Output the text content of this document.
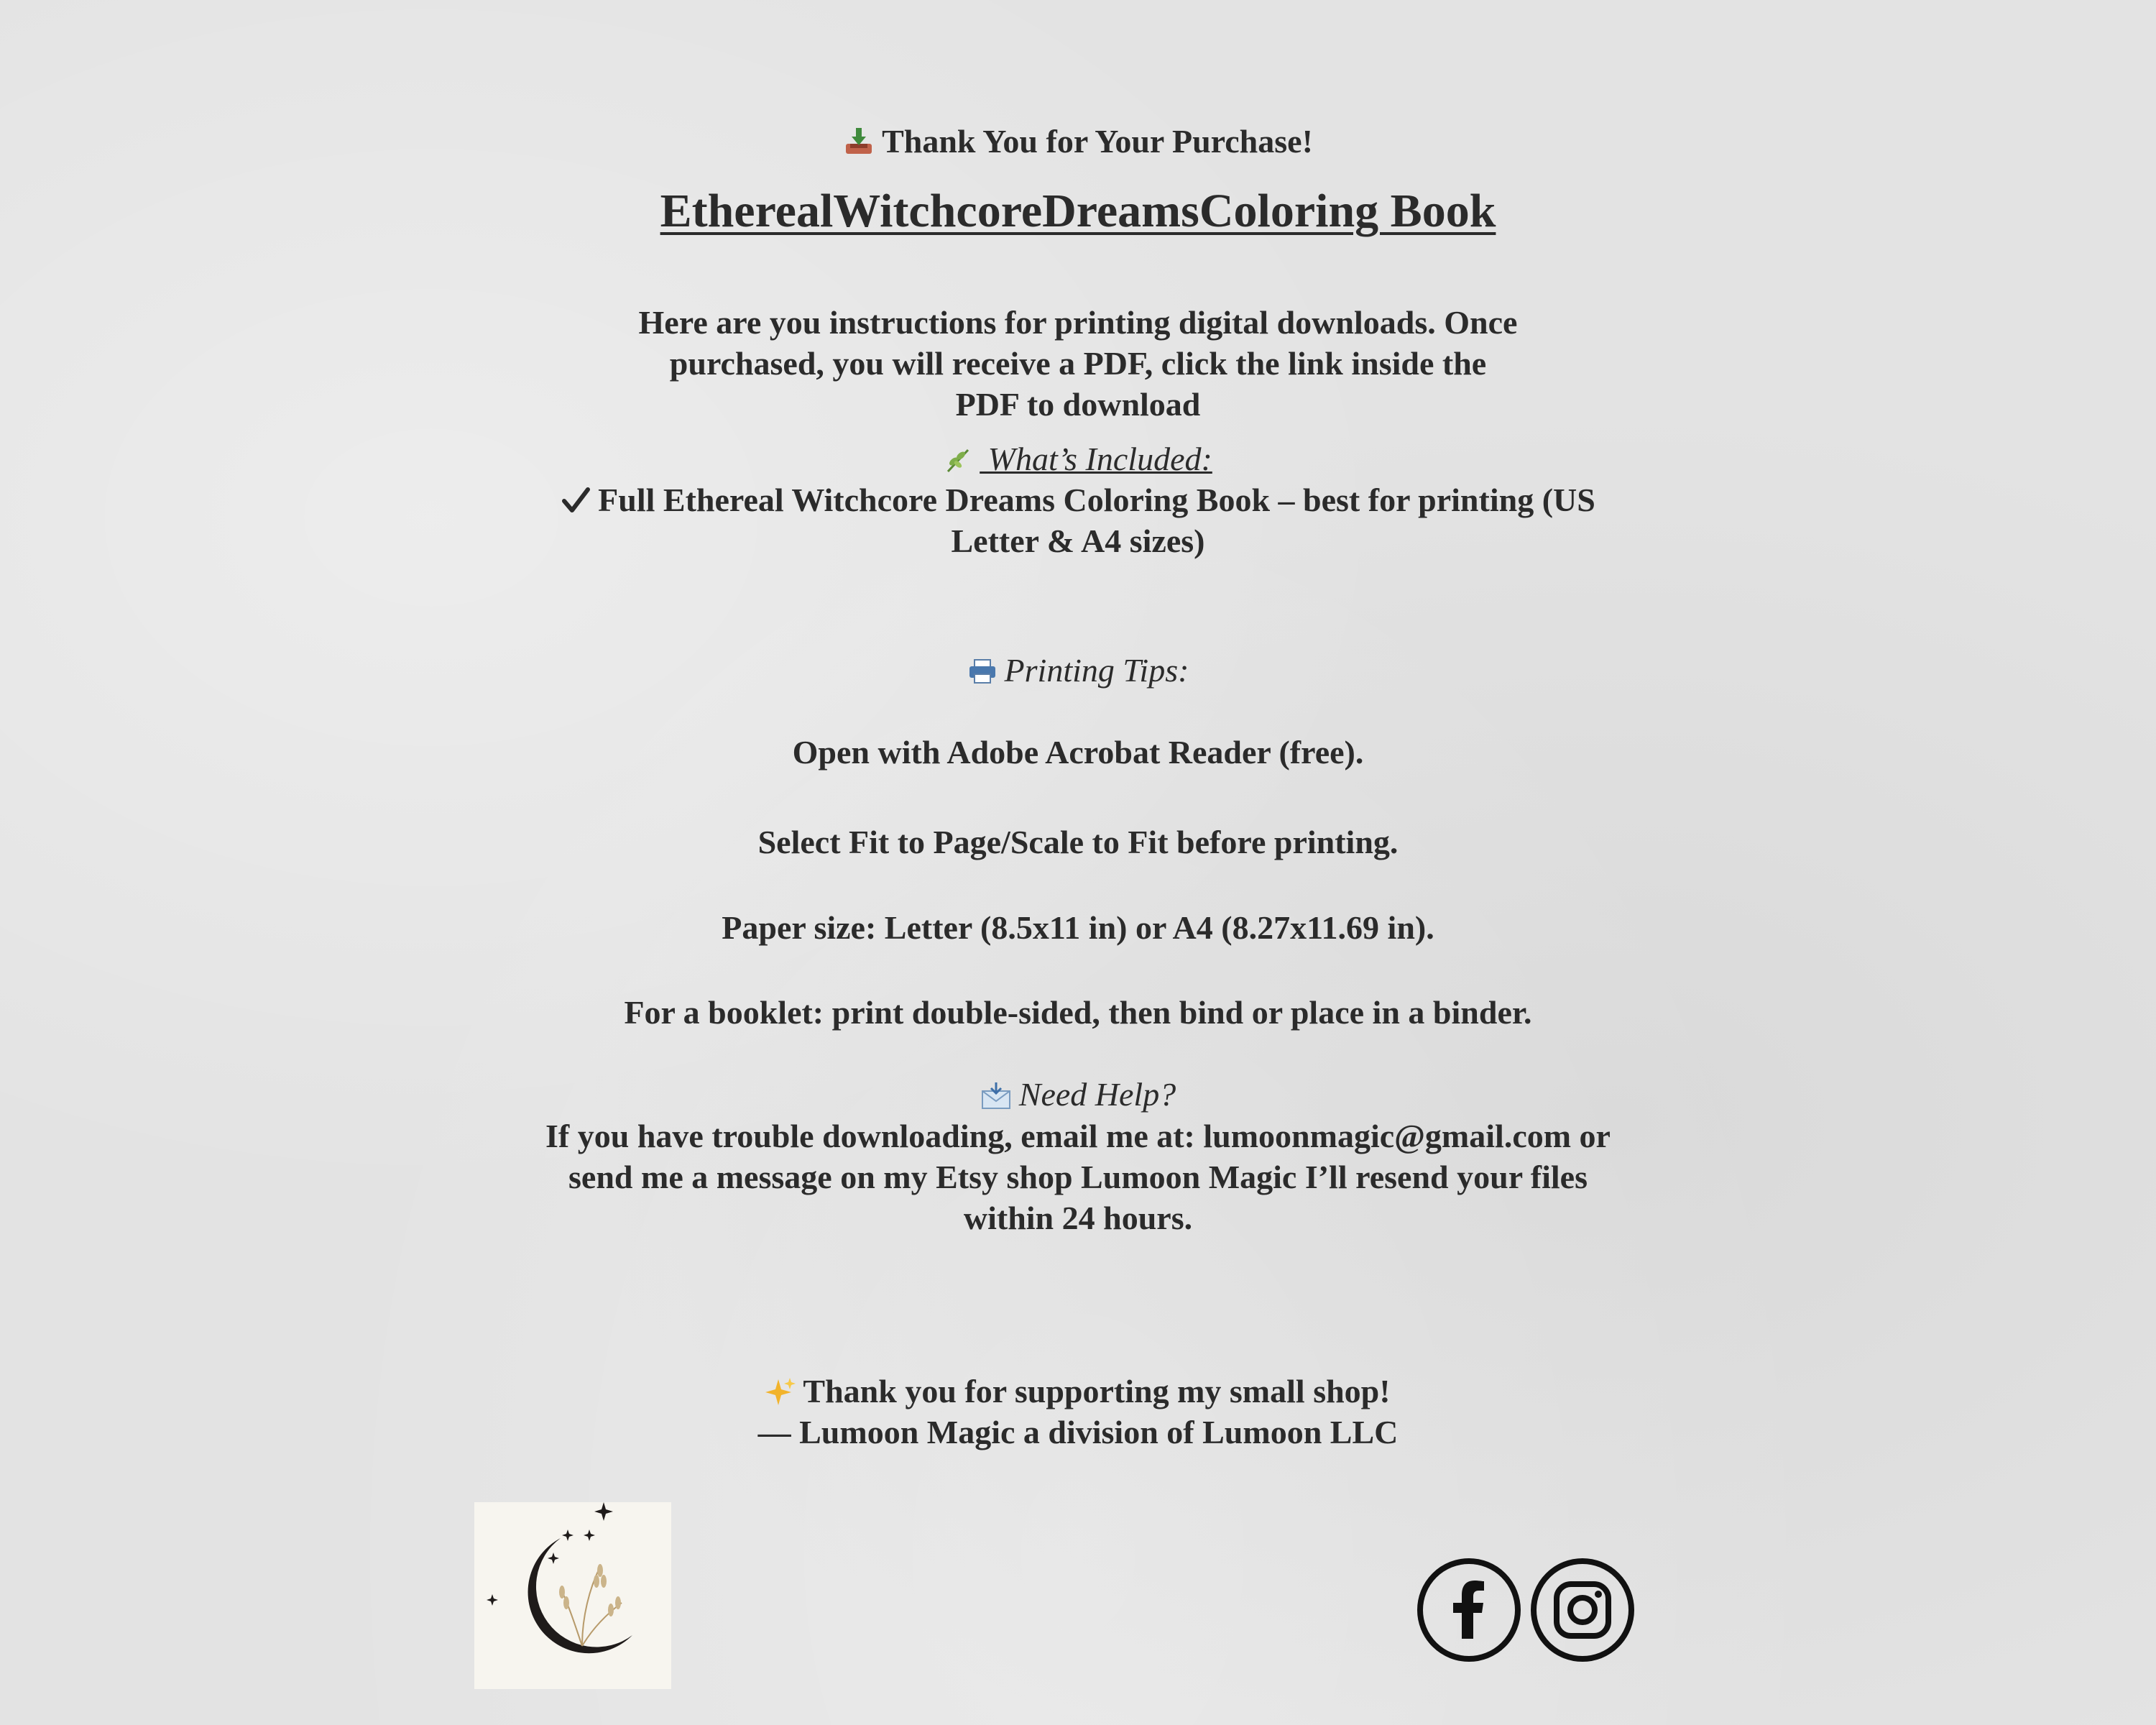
Thank You for Your Purchase!
EtherealWitchcoreDreamsColoring Book
Here are you instructions for printing digital downloads. Once
purchased, you will receive a PDF, click the link inside the
PDF to download
What’s Included:
Full Ethereal Witchcore Dreams Coloring Book – best for printing (US
Letter & A4 sizes)
Printing Tips:
Open with Adobe Acrobat Reader (free).
Select Fit to Page/Scale to Fit before printing.
Paper size: Letter (8.5x11 in) or A4 (8.27x11.69 in).
For a booklet: print double-sided, then bind or place in a binder.
Need Help?
If you have trouble downloading, email me at: lumoonmagic@gmail.com or
send me a message on my Etsy shop Lumoon Magic I’ll resend your files
within 24 hours.
Thank you for supporting my small shop!
— Lumoon Magic a division of Lumoon LLC
